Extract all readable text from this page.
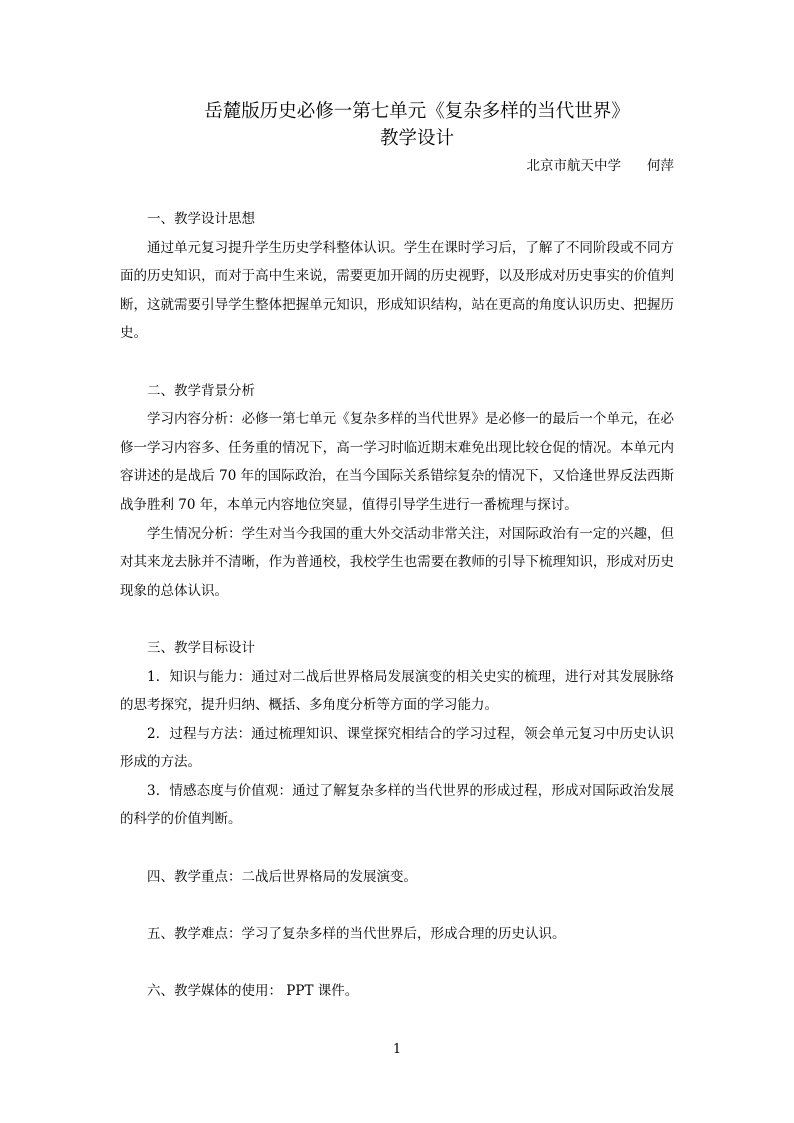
岳麓版历史必修一第七单元《复杂多样的当代世界》
教学设计
北京市航天中学 何萍
一、教学设计思想

通过单元复习提升学生历史学科整体认识。学生在课时学习后，了解了不同阶段或不同方面的历史知识，而对于高中生来说，需要更加开阔的历史视野，以及形成对历史事实的价值判断，这就需要引导学生整体把握单元知识，形成知识结构，站在更高的角度认识历史、把握历史。

二、教学背景分析

学习内容分析：必修一第七单元《复杂多样的当代世界》是必修一的最后一个单元，在必修一学习内容多、任务重的情况下，高一学习时临近期末难免出现比较仓促的情况。本单元内容讲述的是战后 70 年的国际政治，在当今国际关系错综复杂的情况下，又恰逢世界反法西斯战争胜利 70 年，本单元内容地位突显，值得引导学生进行一番梳理与探讨。

学生情况分析：学生对当今我国的重大外交活动非常关注，对国际政治有一定的兴趣，但对其来龙去脉并不清晰，作为普通校，我校学生也需要在教师的引导下梳理知识，形成对历史现象的总体认识。

三、教学目标设计

1．知识与能力：通过对二战后世界格局发展演变的相关史实的梳理，进行对其发展脉络的思考探究，提升归纳、概括、多角度分析等方面的学习能力。

2．过程与方法：通过梳理知识、课堂探究相结合的学习过程，领会单元复习中历史认识形成的方法。

3．情感态度与价值观：通过了解复杂多样的当代世界的形成过程，形成对国际政治发展的科学的价值判断。

四、教学重点：二战后世界格局的发展演变。
五、教学难点：学习了复杂多样的当代世界后，形成合理的历史认识。
六、教学媒体的使用： PPT 课件。
1
